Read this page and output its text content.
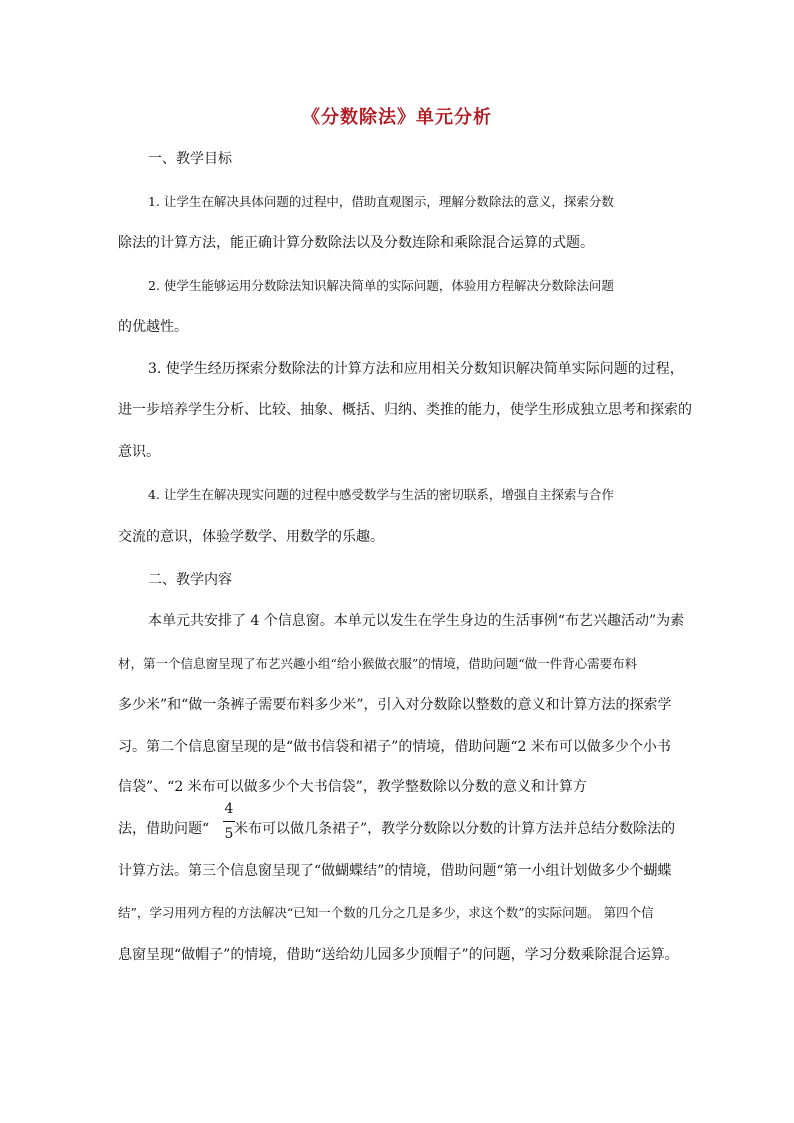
《分数除法》单元分析
一、教学目标
1. 让学生在解决具体问题的过程中，借助直观图示，理解分数除法的意义，探索分数
除法的计算方法，能正确计算分数除法以及分数连除和乘除混合运算的式题。
2. 使学生能够运用分数除法知识解决简单的实际问题，体验用方程解决分数除法问题
的优越性。
3. 使学生经历探索分数除法的计算方法和应用相关分数知识解决简单实际问题的过程，
进一步培养学生分析、比较、抽象、概括、归纳、类推的能力，使学生形成独立思考和探索的
意识。
4. 让学生在解决现实问题的过程中感受数学与生活的密切联系，增强自主探索与合作
交流的意识，体验学数学、用数学的乐趣。
二、教学内容
本单元共安排了 4 个信息窗。本单元以发生在学生身边的生活事例“布艺兴趣活动”为素
材，第一个信息窗呈现了布艺兴趣小组“给小猴做衣服”的情境，借助问题“做一件背心需要布料
多少米”和“做一条裤子需要布料多少米”，引入对分数除以整数的意义和计算方法的探索学
习。第二个信息窗呈现的是“做书信袋和裙子”的情境，借助问题“2 米布可以做多少个小书
信袋”、“2 米布可以做多少个大书信袋”，教学整数除以分数的意义和计算方
法，借助问题“
4
5 米布可以做几条裙子”，教学分数除以分数的计算方法并总结分数除法的
计算方法。第三个信息窗呈现了“做蝴蝶结”的情境，借助问题“第一小组计划做多少个蝴蝶
结”，学习用列方程的方法解决“已知一个数的几分之几是多少，求这个数”的实际问题。 第四个信
息窗呈现“做帽子”的情境，借助“送给幼儿园多少顶帽子”的问题，学习分数乘除混合运算。
